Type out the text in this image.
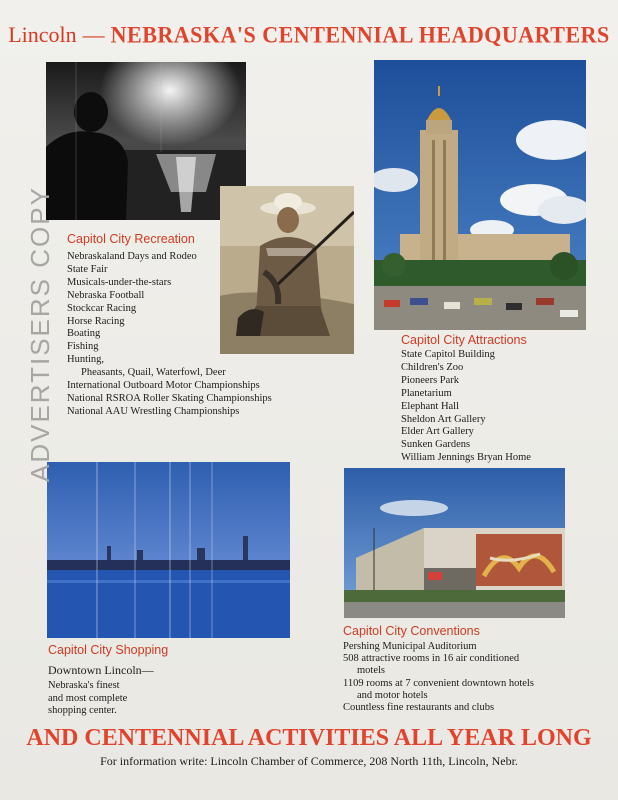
Lincoln — NEBRASKA'S CENTENNIAL HEADQUARTERS
ADVERTISERS COPY Capitol City Recreation
Nebraskaland Days and Rodeo
State Fair
Musicals-under-the-stars
Nebraska Football
Stockcar Racing
Horse Racing
Boating
Fishing
Hunting,
Pheasants, Quail, Waterfowl, Deer
International Outboard Motor Championships
National RSROA Roller Skating Championships
National AAU Wrestling Championships
Capitol City Attractions
State Capitol Building
Children's Zoo
Pioneers Park
Planetarium
Elephant Hall
Sheldon Art Gallery
Elder Art Gallery
Sunken Gardens
William Jennings Bryan Home
Capitol City Shopping
Downtown Lincoln—
Nebraska's finest
and most complete
shopping center.
Capitol City Conventions
Pershing Municipal Auditorium
508 attractive rooms in 16 air conditioned
motels
1109 rooms at 7 convenient downtown hotels
and motor hotels
Countless fine restaurants and clubs
AND CENTENNIAL ACTIVITIES ALL YEAR LONG
For information write: Lincoln Chamber of Commerce, 208 North 11th, Lincoln, Nebr.
